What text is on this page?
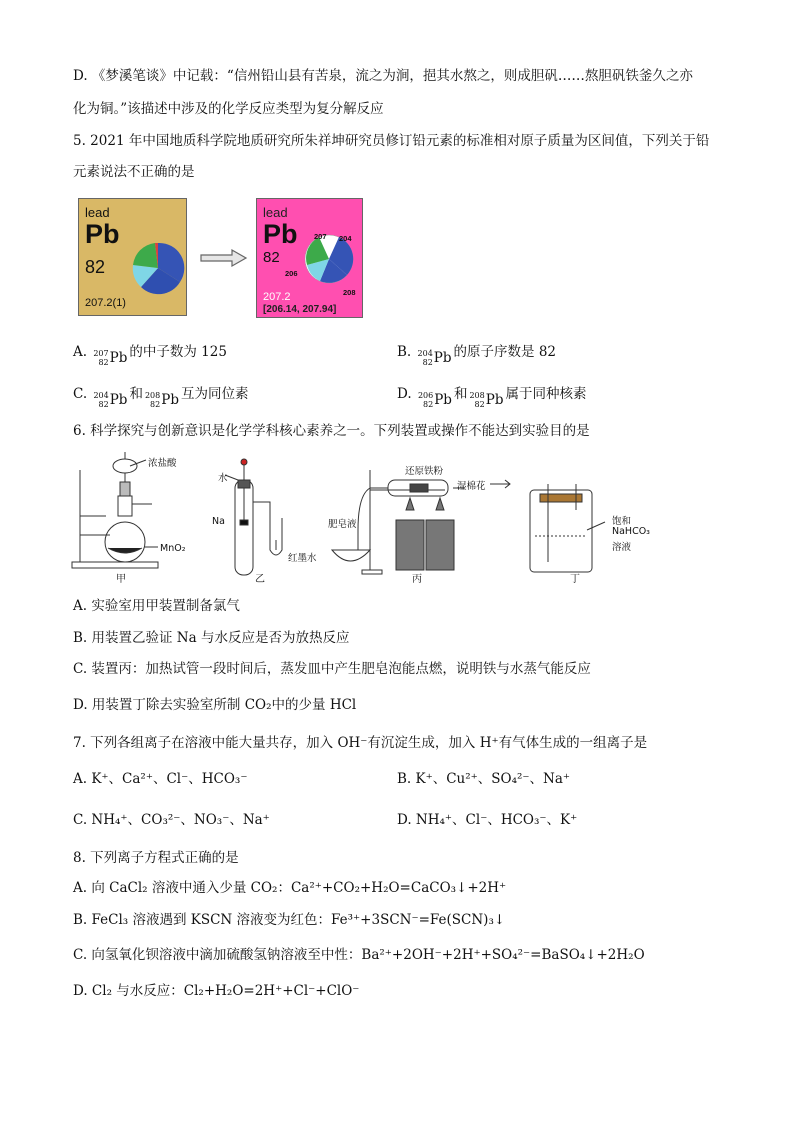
D. 《梦溪笔谈》中记载：“信州铅山县有苦泉，流之为涧，挹其水熬之，则成胆矾……熬胆矾铁釜久之亦
化为铜。”该描述中涉及的化学反应类型为复分解反应
5. 2021 年中国地质科学院地质研究所朱祥坤研究员修订铅元素的标准相对原子质量为区间值，下列关于铅
元素说法不正确的是
lead
Pb
82
207.2(1)
lead
Pb
82
207.2
[206.14, 207.94]
207 204
206
208
A. 207
82 Pb 的中子数为 125	B. 204
82 Pb 的原子序数是 82
C. 204
82 Pb 和 208
82 Pb 互为同位素	D. 206
82 Pb 和 208
82 Pb 属于同种核素
6. 科学探究与创新意识是化学学科核心素养之一。下列装置或操作不能达到实验目的是
浓盐酸
MnO₂
甲
水
Na
红墨水
乙
还原铁粉
湿棉花
肥皂液
丙
饱和
NaHCO₃
溶液
丁
A. 实验室用甲装置制备氯气
B. 用装置乙验证 Na 与水反应是否为放热反应
C. 装置丙：加热试管一段时间后，蒸发皿中产生肥皂泡能点燃，说明铁与水蒸气能反应
D. 用装置丁除去实验室所制 CO₂中的少量 HCl
7. 下列各组离子在溶液中能大量共存，加入 OH⁻有沉淀生成，加入 H⁺有气体生成的一组离子是
A. K⁺、Ca²⁺、Cl⁻、HCO₃⁻	B. K⁺、Cu²⁺、SO₄²⁻、Na⁺
C. NH₄⁺、CO₃²⁻、NO₃⁻、Na⁺	D. NH₄⁺、Cl⁻、HCO₃⁻、K⁺
8. 下列离子方程式正确的是
A. 向 CaCl₂ 溶液中通入少量 CO₂：Ca²⁺+CO₂+H₂O=CaCO₃↓+2H⁺
B. FeCl₃ 溶液遇到 KSCN 溶液变为红色：Fe³⁺+3SCN⁻=Fe(SCN)₃↓
C. 向氢氧化钡溶液中滴加硫酸氢钠溶液至中性：Ba²⁺+2OH⁻+2H⁺+SO₄²⁻=BaSO₄↓+2H₂O
D. Cl₂ 与水反应：Cl₂+H₂O=2H⁺+Cl⁻+ClO⁻
